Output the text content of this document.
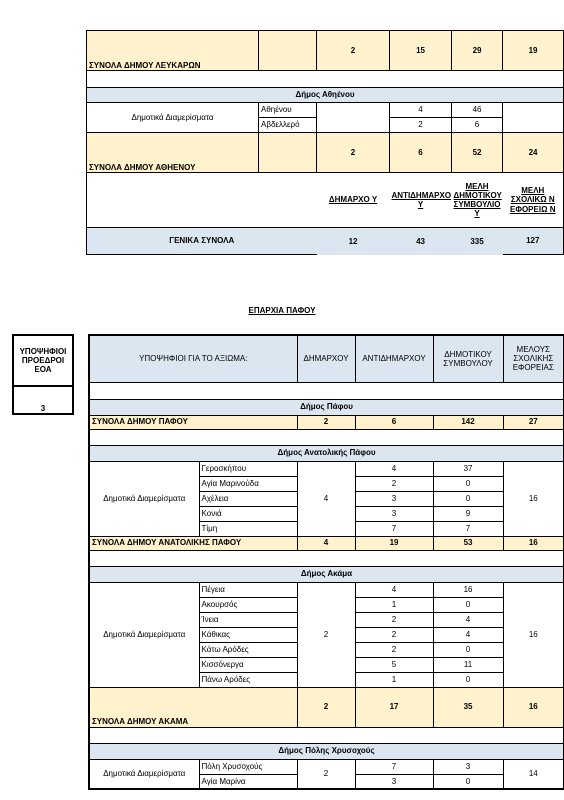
ΣΥΝΟΛΑ ΔΗΜΟΥ ΛΕΥΚΑΡΩΝ		2	15	29	19

Δήμος Αθηένου					
Δημοτικά Διαμερίσματα	Αθηένου		4	46	
	Αβδελλερό		2	6	
ΣΥΝΟΛΑ ΔΗΜΟΥ ΑΘΗΕΝΟΥ		2	6	52	24
		ΔΗΜΑΡΧΟ Υ	ΑΝΤΙΔΗΜΑΡΧΟ Υ	ΜΕΛΗ ΔΗΜΟΤΙΚΟΥ ΣΥΜΒΟΥΛΙΟ Υ	ΜΕΛΗ ΣΧΟΛΙΚΩ Ν ΕΦΟΡΕΙΩ Ν
ΓΕΝΙΚΑ ΣΥΝΟΛΑ		12	43	335	127
ΕΠΑΡΧΙΑ ΠΑΦΟΥ
ΥΠΟΨΗΦΙΟΙ ΠΡΟΕΔΡΟΙ ΕΟΑ
3
ΥΠΟΨΗΦΙΟΙ ΓΙΑ ΤΟ ΑΞΙΩΜΑ:		ΔΗΜΑΡΧΟΥ	ΑΝΤΙΔΗΜΑΡΧΟΥ	ΔΗΜΟΤΙΚΟΥ ΣΥΜΒΟΥΛΟΥ	ΜΕΛΟΥΣ ΣΧΟΛΙΚΗΣ ΕΦΟΡΕΙΑΣ

Δήμος Πάφου					
ΣΥΝΟΛΑ ΔΗΜΟΥ ΠΑΦΟΥ		2	6	142	27

Δήμος Ανατολικής Πάφου					
Δημοτικά Διαμερίσματα	Γεροσκήπου	4	4	37	16
	Αγία Μαρινούδα		2	0	
	Αχέλεια		3	0	
	Κονιά		3	9	
	Τίμη		7	7	
ΣΥΝΟΛΑ ΔΗΜΟΥ ΑΝΑΤΟΛΙΚΗΣ ΠΑΦΟΥ		4	19	53	16

Δήμος Ακάμα					
Δημοτικά Διαμερίσματα	Πέγεια	2	4	16	16
	Ακουρσός		1	0	
	Ίνεια		2	4	
	Κάθικας		2	4	
	Κάτω Αρόδες		2	0	
	Κισσόνεργα		5	11	
	Πάνω Αρόδες		1	0	
ΣΥΝΟΛΑ ΔΗΜΟΥ ΑΚΑΜΑ		2	17	35	16

Δήμος Πόλης Χρυσοχούς					
Δημοτικά Διαμερίσματα	Πόλη Χρυσοχούς	2	7	3	14
	Αγία Μαρίνα		3	0	
